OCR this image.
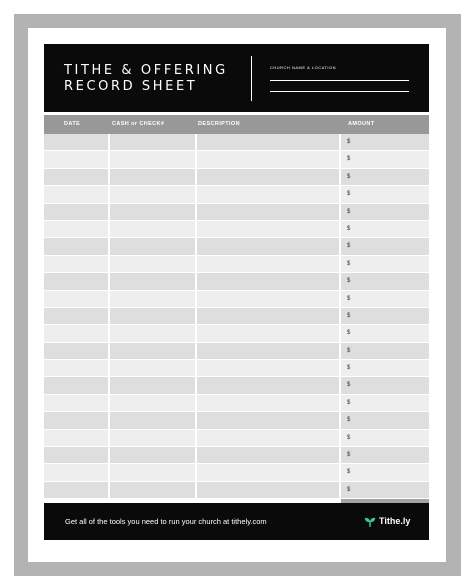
TITHE & OFFERING
RECORD SHEET
CHURCH NAME & LOCATION
DATE	CASH or CHECK#	DESCRIPTION	AMOUNT
$
$
$
$
$
$
$
$
$
$
$
$
$
$
$
$
$
$
$
$
$
Get all of the tools you need to run your church at tithely.com	Tithe.ly
